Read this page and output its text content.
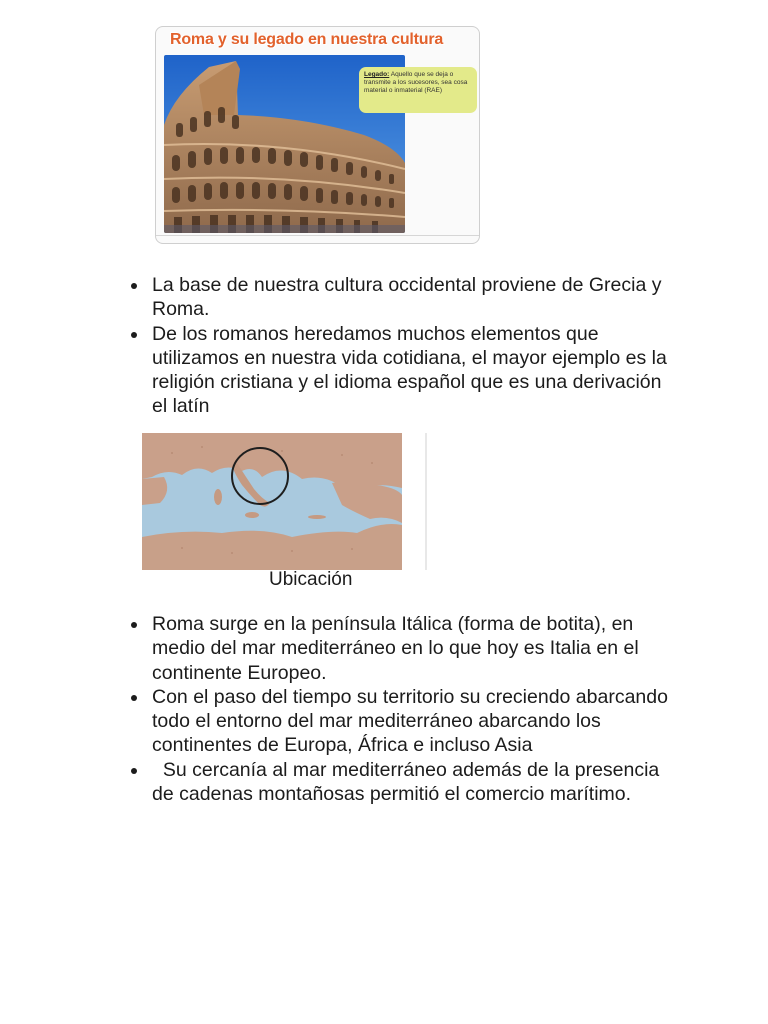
Roma y su legado en nuestra cultura
Legado: Aquello que se deja o transmite a los sucesores, sea cosa material o inmaterial (RAE)
La base de nuestra cultura occidental proviene de Grecia y Roma.
De los romanos heredamos muchos elementos que utilizamos en nuestra vida cotidiana, el mayor ejemplo es la religión cristiana y el idioma español que es una derivación el latín
Ubicación
Roma surge en la península Itálica (forma de botita), en medio del mar mediterráneo en lo que hoy es Italia en el continente Europeo.
Con el paso del tiempo su territorio su creciendo abarcando todo el entorno del mar mediterráneo abarcando los continentes de Europa, África e incluso Asia
Su cercanía al mar mediterráneo además de la presencia de cadenas montañosas permitió el comercio marítimo.
